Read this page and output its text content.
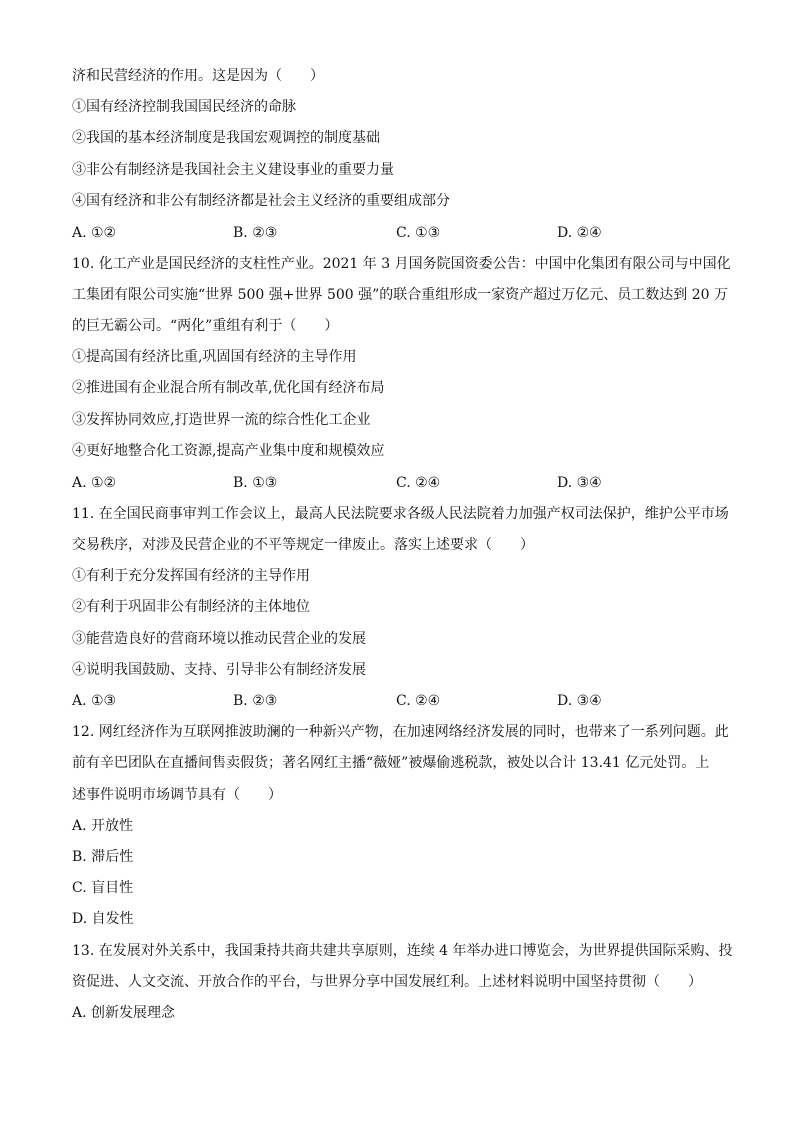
济和民营经济的作用。这是因为（　　）
①国有经济控制我国国民经济的命脉
②我国的基本经济制度是我国宏观调控的制度基础
③非公有制经济是我国社会主义建设事业的重要力量
④国有经济和非公有制经济都是社会主义经济的重要组成部分
A. ①②	B. ②③	C. ①③	D. ②④
10. 化工产业是国民经济的支柱性产业。2021 年 3 月国务院国资委公告：中国中化集团有限公司与中国化
工集团有限公司实施“世界 500 强+世界 500 强”的联合重组形成一家资产超过万亿元、员工数达到 20 万
的巨无霸公司。“两化”重组有利于（　　）
①提高国有经济比重,巩固国有经济的主导作用
②推进国有企业混合所有制改革,优化国有经济布局
③发挥协同效应,打造世界一流的综合性化工企业
④更好地整合化工资源,提高产业集中度和规模效应
A. ①②	B. ①③	C. ②④	D. ③④
11. 在全国民商事审判工作会议上，最高人民法院要求各级人民法院着力加强产权司法保护，维护公平市场
交易秩序，对涉及民营企业的不平等规定一律废止。落实上述要求（　　）
①有利于充分发挥国有经济的主导作用
②有利于巩固非公有制经济的主体地位
③能营造良好的营商环境以推动民营企业的发展
④说明我国鼓励、支持、引导非公有制经济发展
A. ①③	B. ②③	C. ②④	D. ③④
12. 网红经济作为互联网推波助澜的一种新兴产物，在加速网络经济发展的同时，也带来了一系列问题。此
前有辛巴团队在直播间售卖假货；著名网红主播“薇娅”被爆偷逃税款，被处以合计 13.41 亿元处罚。上
述事件说明市场调节具有（　　）
A. 开放性
B. 滞后性
C. 盲目性
D. 自发性
13. 在发展对外关系中，我国秉持共商共建共享原则，连续 4 年举办进口博览会，为世界提供国际采购、投
资促进、人文交流、开放合作的平台，与世界分享中国发展红利。上述材料说明中国坚持贯彻（　　）
A. 创新发展理念
